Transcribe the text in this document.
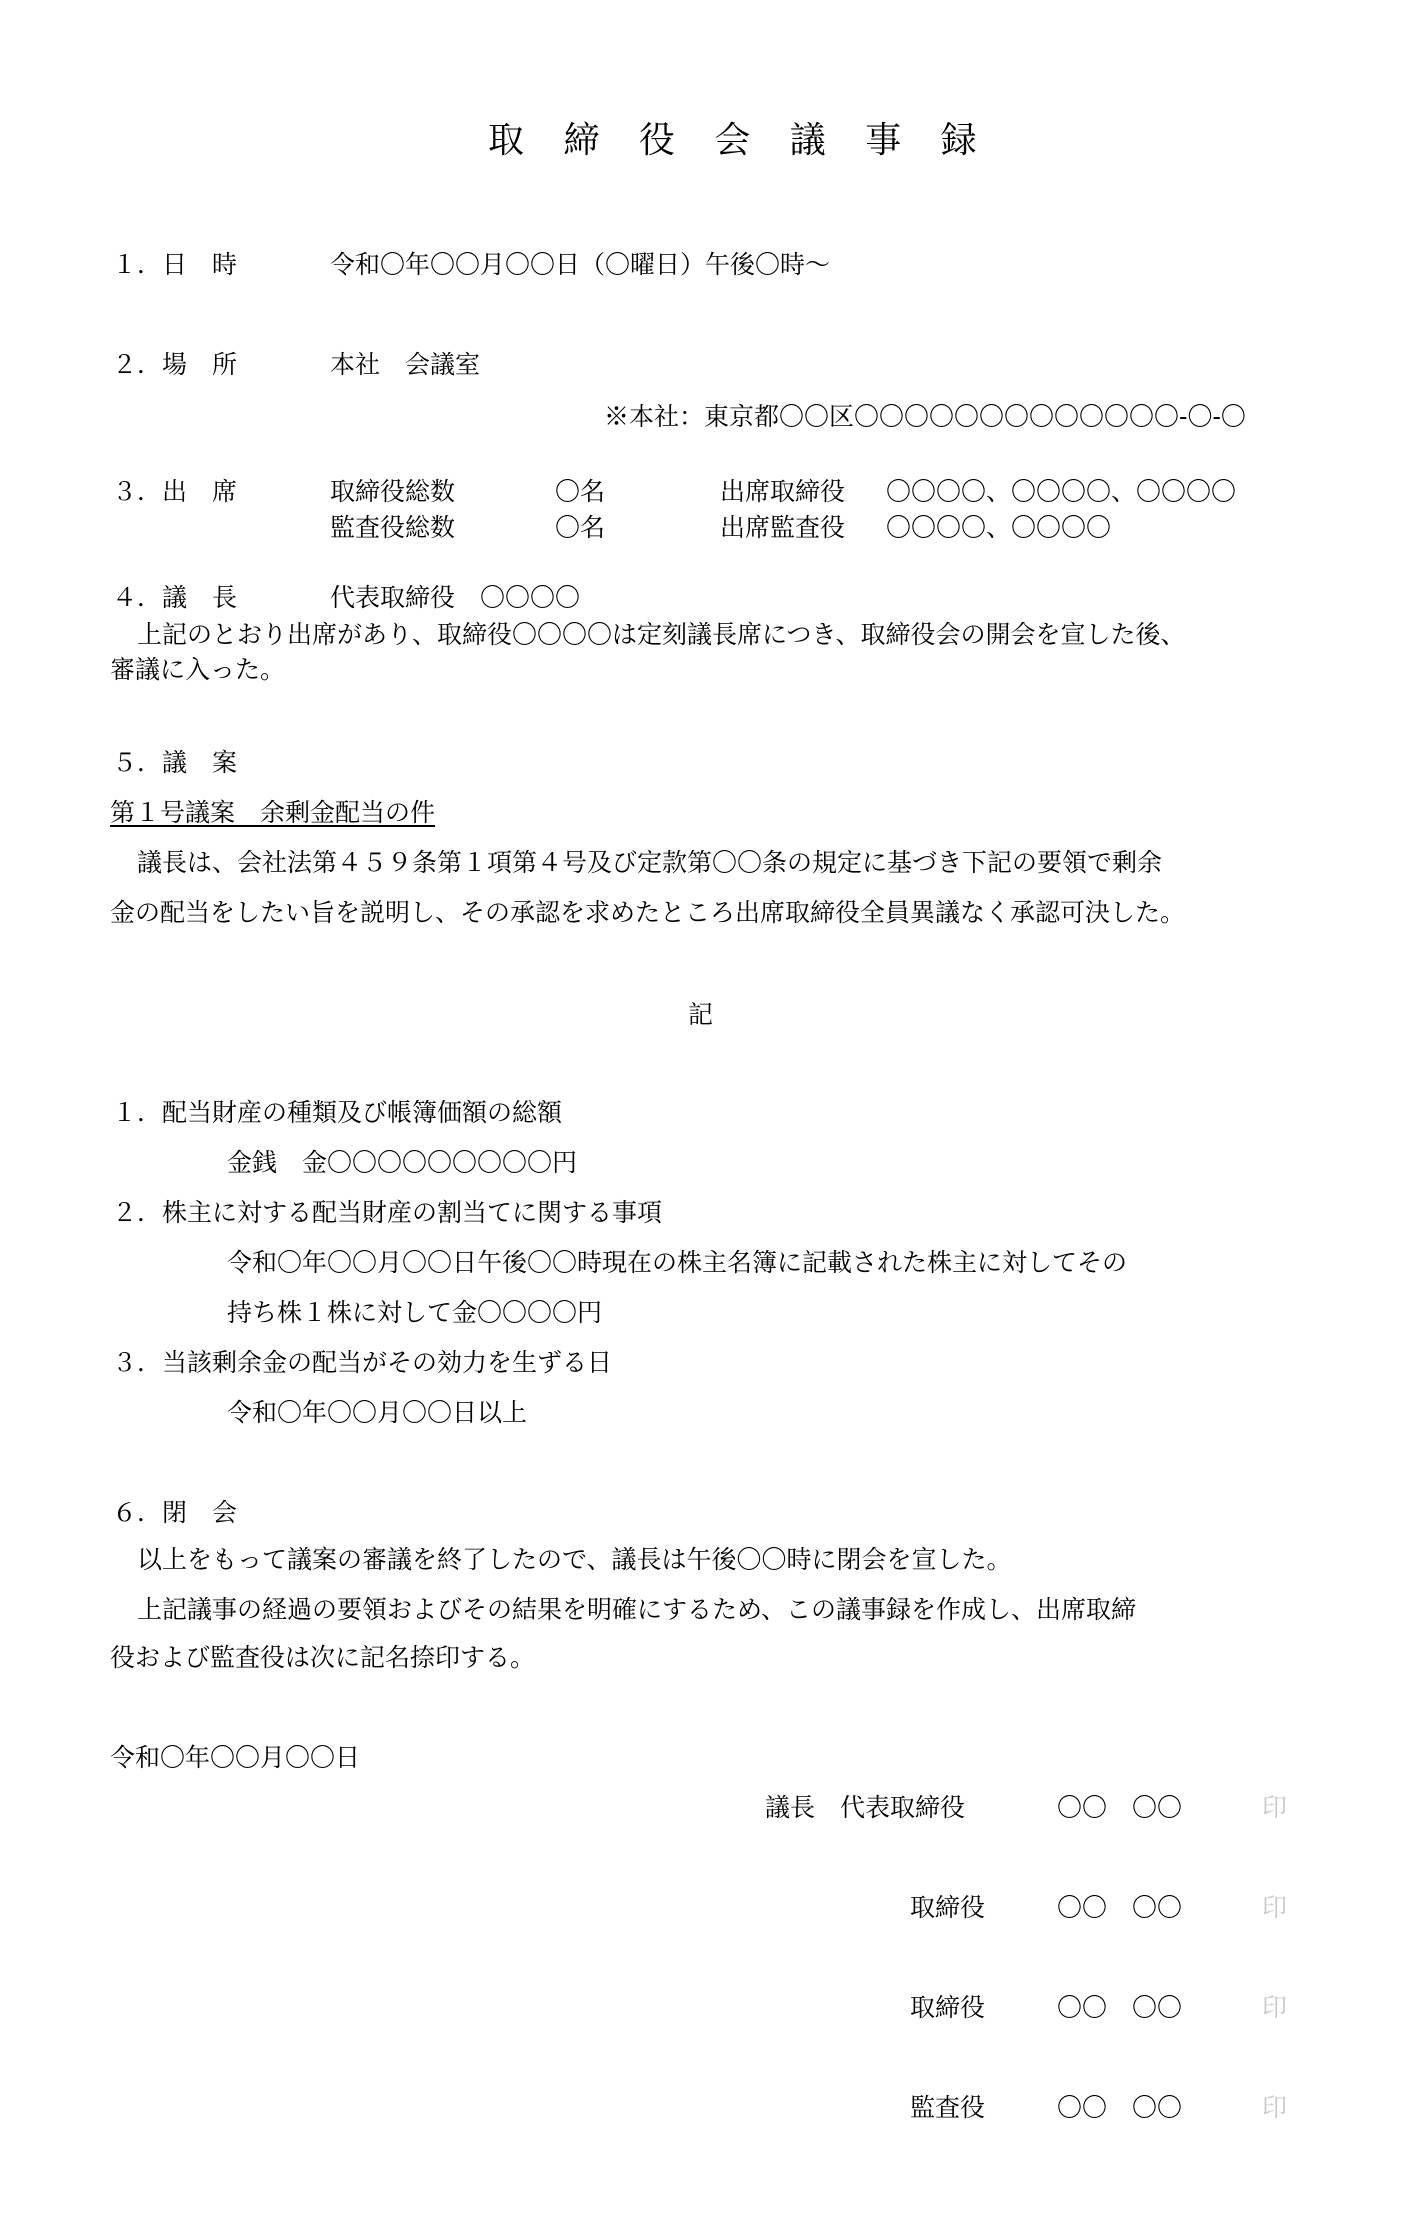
取 締 役 会 議 事 録
１．日　時	令和〇年〇〇月〇〇日（〇曜日）午後〇時～
２．場　所	本社　会議室
※本社：東京都〇〇区〇〇〇〇〇〇〇〇〇〇〇〇〇-〇-〇
３．出　席	取締役総数	〇名	出席取締役 〇〇〇〇、〇〇〇〇、〇〇〇〇
監査役総数	〇名	出席監査役 〇〇〇〇、〇〇〇〇
４．議　長	代表取締役　〇〇〇〇
上記のとおり出席があり、取締役〇〇〇〇は定刻議長席につき、取締役会の開会を宣した後、
審議に入った。
５．議　案
第１号議案　余剰金配当の件
議長は、会社法第４５９条第１項第４号及び定款第〇〇条の規定に基づき下記の要領で剰余
金の配当をしたい旨を説明し、その承認を求めたところ出席取締役全員異議なく承認可決した。
記
１．配当財産の種類及び帳簿価額の総額
金銭　金〇〇〇〇〇〇〇〇〇円
２．株主に対する配当財産の割当てに関する事項
令和〇年〇〇月〇〇日午後〇〇時現在の株主名簿に記載された株主に対してその
持ち株１株に対して金〇〇〇〇円
３．当該剰余金の配当がその効力を生ずる日
令和〇年〇〇月〇〇日以上
６．閉　会
以上をもって議案の審議を終了したので、議長は午後〇〇時に閉会を宣した。
上記議事の経過の要領およびその結果を明確にするため、この議事録を作成し、出席取締
役および監査役は次に記名捺印する。
令和〇年〇〇月〇〇日
議長　代表取締役	〇〇　〇〇	印
取締役	〇〇　〇〇	印
取締役	〇〇　〇〇	印
監査役	〇〇　〇〇	印
